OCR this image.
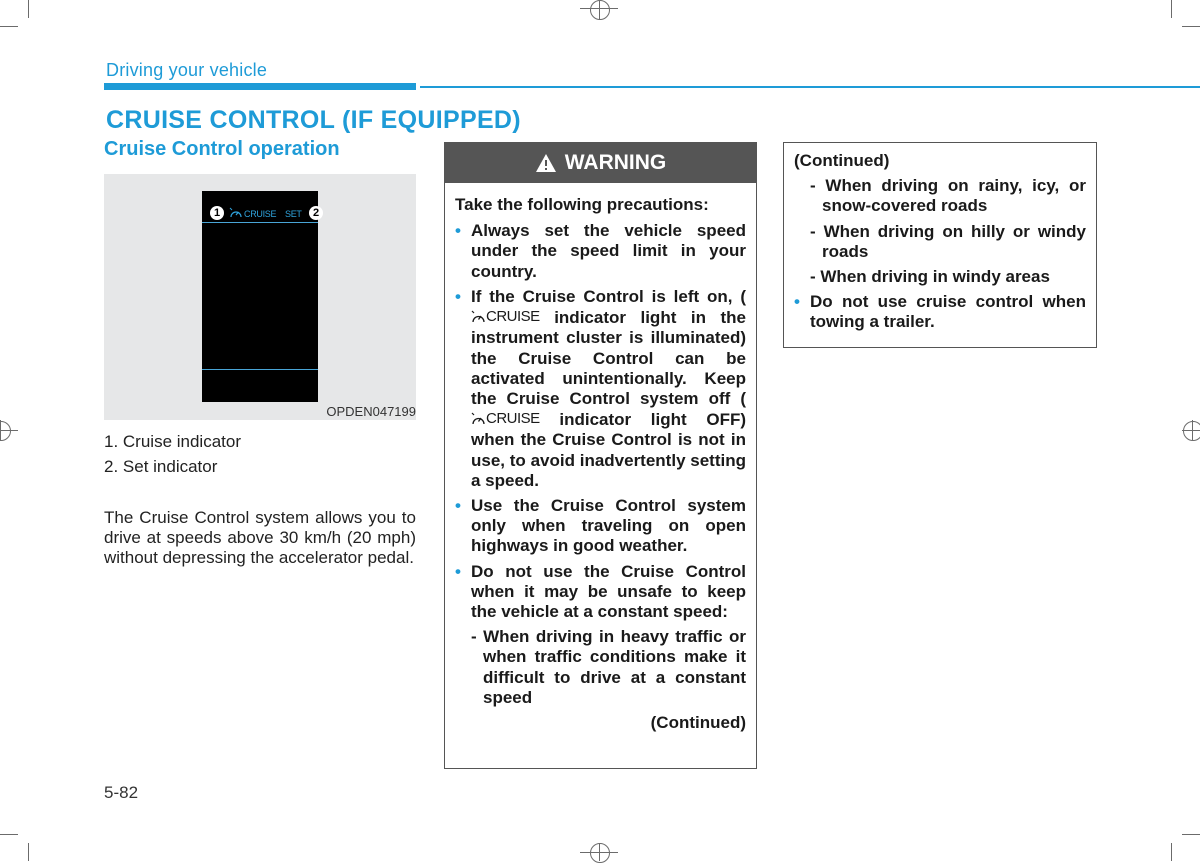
Driving your vehicle
CRUISE CONTROL (IF EQUIPPED)
Cruise Control operation
1	CRUISE SET	2
OPDEN047199
1. Cruise indicator
2. Set indicator
The Cruise Control system allows you to drive at speeds above 30 km/h (20 mph) without depressing the accelerator pedal.
WARNING
Take the following precautions:
• Always set the vehicle speed under the speed limit in your country.
• If the Cruise Control is left on, (
CRUISE indicator light in the instrument cluster is illuminated) the Cruise Control can be activated unintentionally. Keep the Cruise Control system off (
CRUISE indicator light OFF) when the Cruise Control is not in use, to avoid inadvertently setting a speed.
• Use the Cruise Control system only when traveling on open highways in good weather.
• Do not use the Cruise Control when it may be unsafe to keep the vehicle at a constant speed:
- When driving in heavy traffic or when traffic conditions make it difficult to drive at a constant speed
(Continued)
(Continued)
- When driving on rainy, icy, or snow-covered roads
- When driving on hilly or windy roads
- When driving in windy areas
• Do not use cruise control when towing a trailer.
5-82
